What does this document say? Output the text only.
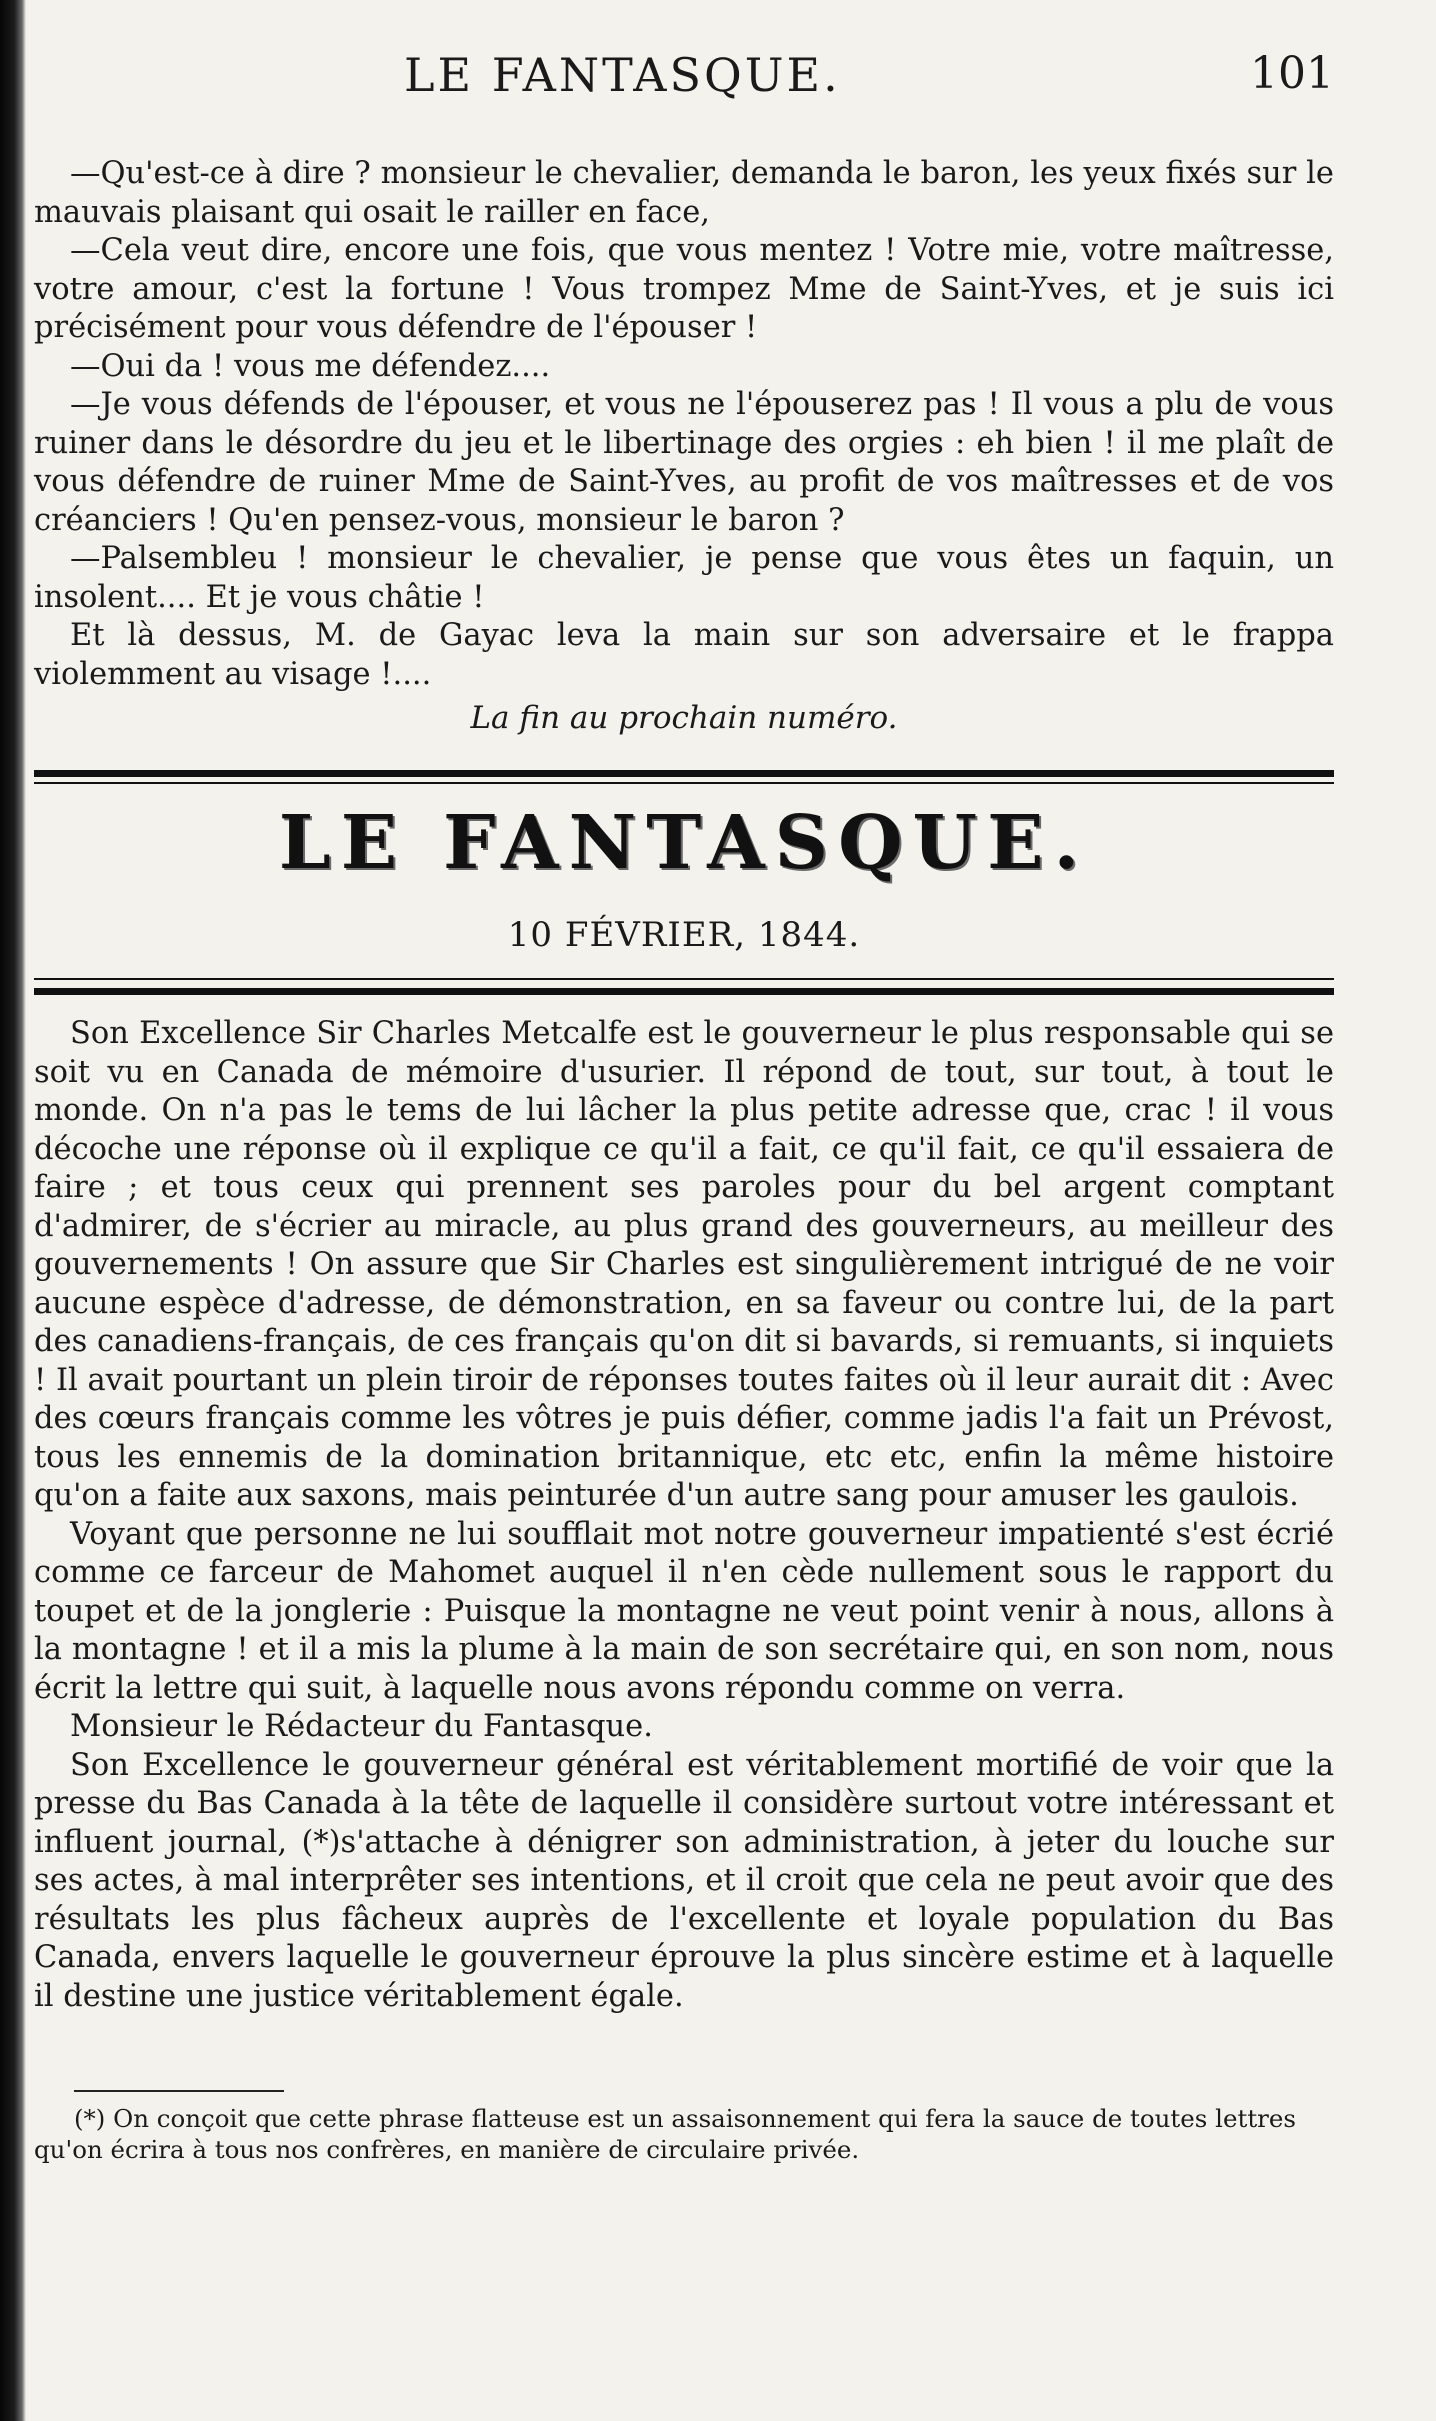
LE FANTASQUE.	101

—Qu'est-ce à dire ? monsieur le chevalier, demanda le baron, les yeux fixés sur le mauvais plaisant qui osait le railler en face,

—Cela veut dire, encore une fois, que vous mentez ! Votre mie, votre maîtresse, votre amour, c'est la fortune ! Vous trompez Mme de Saint-Yves, et je suis ici précisément pour vous défendre de l'épouser !

—Oui da ! vous me défendez....

—Je vous défends de l'épouser, et vous ne l'épouserez pas ! Il vous a plu de vous ruiner dans le désordre du jeu et le libertinage des orgies : eh bien ! il me plaît de vous défendre de ruiner Mme de Saint-Yves, au profit de vos maîtresses et de vos créanciers ! Qu'en pensez-vous, monsieur le baron ?

—Palsembleu ! monsieur le chevalier, je pense que vous êtes un faquin, un insolent.... Et je vous châtie !

Et là dessus, M. de Gayac leva la main sur son adversaire et le frappa violemment au visage !....

La fin au prochain numéro.
LE FANTASQUE.
10 FÉVRIER, 1844.

Son Excellence Sir Charles Metcalfe est le gouverneur le plus responsable qui se soit vu en Canada de mémoire d'usurier. Il répond de tout, sur tout, à tout le monde. On n'a pas le tems de lui lâcher la plus petite adresse que, crac ! il vous décoche une réponse où il explique ce qu'il a fait, ce qu'il fait, ce qu'il essaiera de faire ; et tous ceux qui prennent ses paroles pour du bel argent comptant d'admirer, de s'écrier au miracle, au plus grand des gouverneurs, au meilleur des gouvernements ! On assure que Sir Charles est singulièrement intrigué de ne voir aucune espèce d'adresse, de démonstration, en sa faveur ou contre lui, de la part des canadiens-français, de ces français qu'on dit si bavards, si remuants, si inquiets ! Il avait pourtant un plein tiroir de réponses toutes faites où il leur aurait dit : Avec des cœurs français comme les vôtres je puis défier, comme jadis l'a fait un Prévost, tous les ennemis de la domination britannique, etc etc, enfin la même histoire qu'on a faite aux saxons, mais peinturée d'un autre sang pour amuser les gaulois.

Voyant que personne ne lui soufflait mot notre gouverneur impatienté s'est écrié comme ce farceur de Mahomet auquel il n'en cède nullement sous le rapport du toupet et de la jonglerie : Puisque la montagne ne veut point venir à nous, allons à la montagne ! et il a mis la plume à la main de son secrétaire qui, en son nom, nous écrit la lettre qui suit, à laquelle nous avons répondu comme on verra.

Monsieur le Rédacteur du Fantasque.

Son Excellence le gouverneur général est véritablement mortifié de voir que la presse du Bas Canada à la tête de laquelle il considère surtout votre intéressant et influent journal, (*)s'attache à dénigrer son administration, à jeter du louche sur ses actes, à mal interprêter ses intentions, et il croit que cela ne peut avoir que des résultats les plus fâcheux auprès de l'excellente et loyale population du Bas Canada, envers laquelle le gouverneur éprouve la plus sincère estime et à laquelle il destine une justice véritablement égale.

(*) On conçoit que cette phrase flatteuse est un assaisonnement qui fera la sauce de toutes lettres qu'on écrira à tous nos confrères, en manière de circulaire privée.
